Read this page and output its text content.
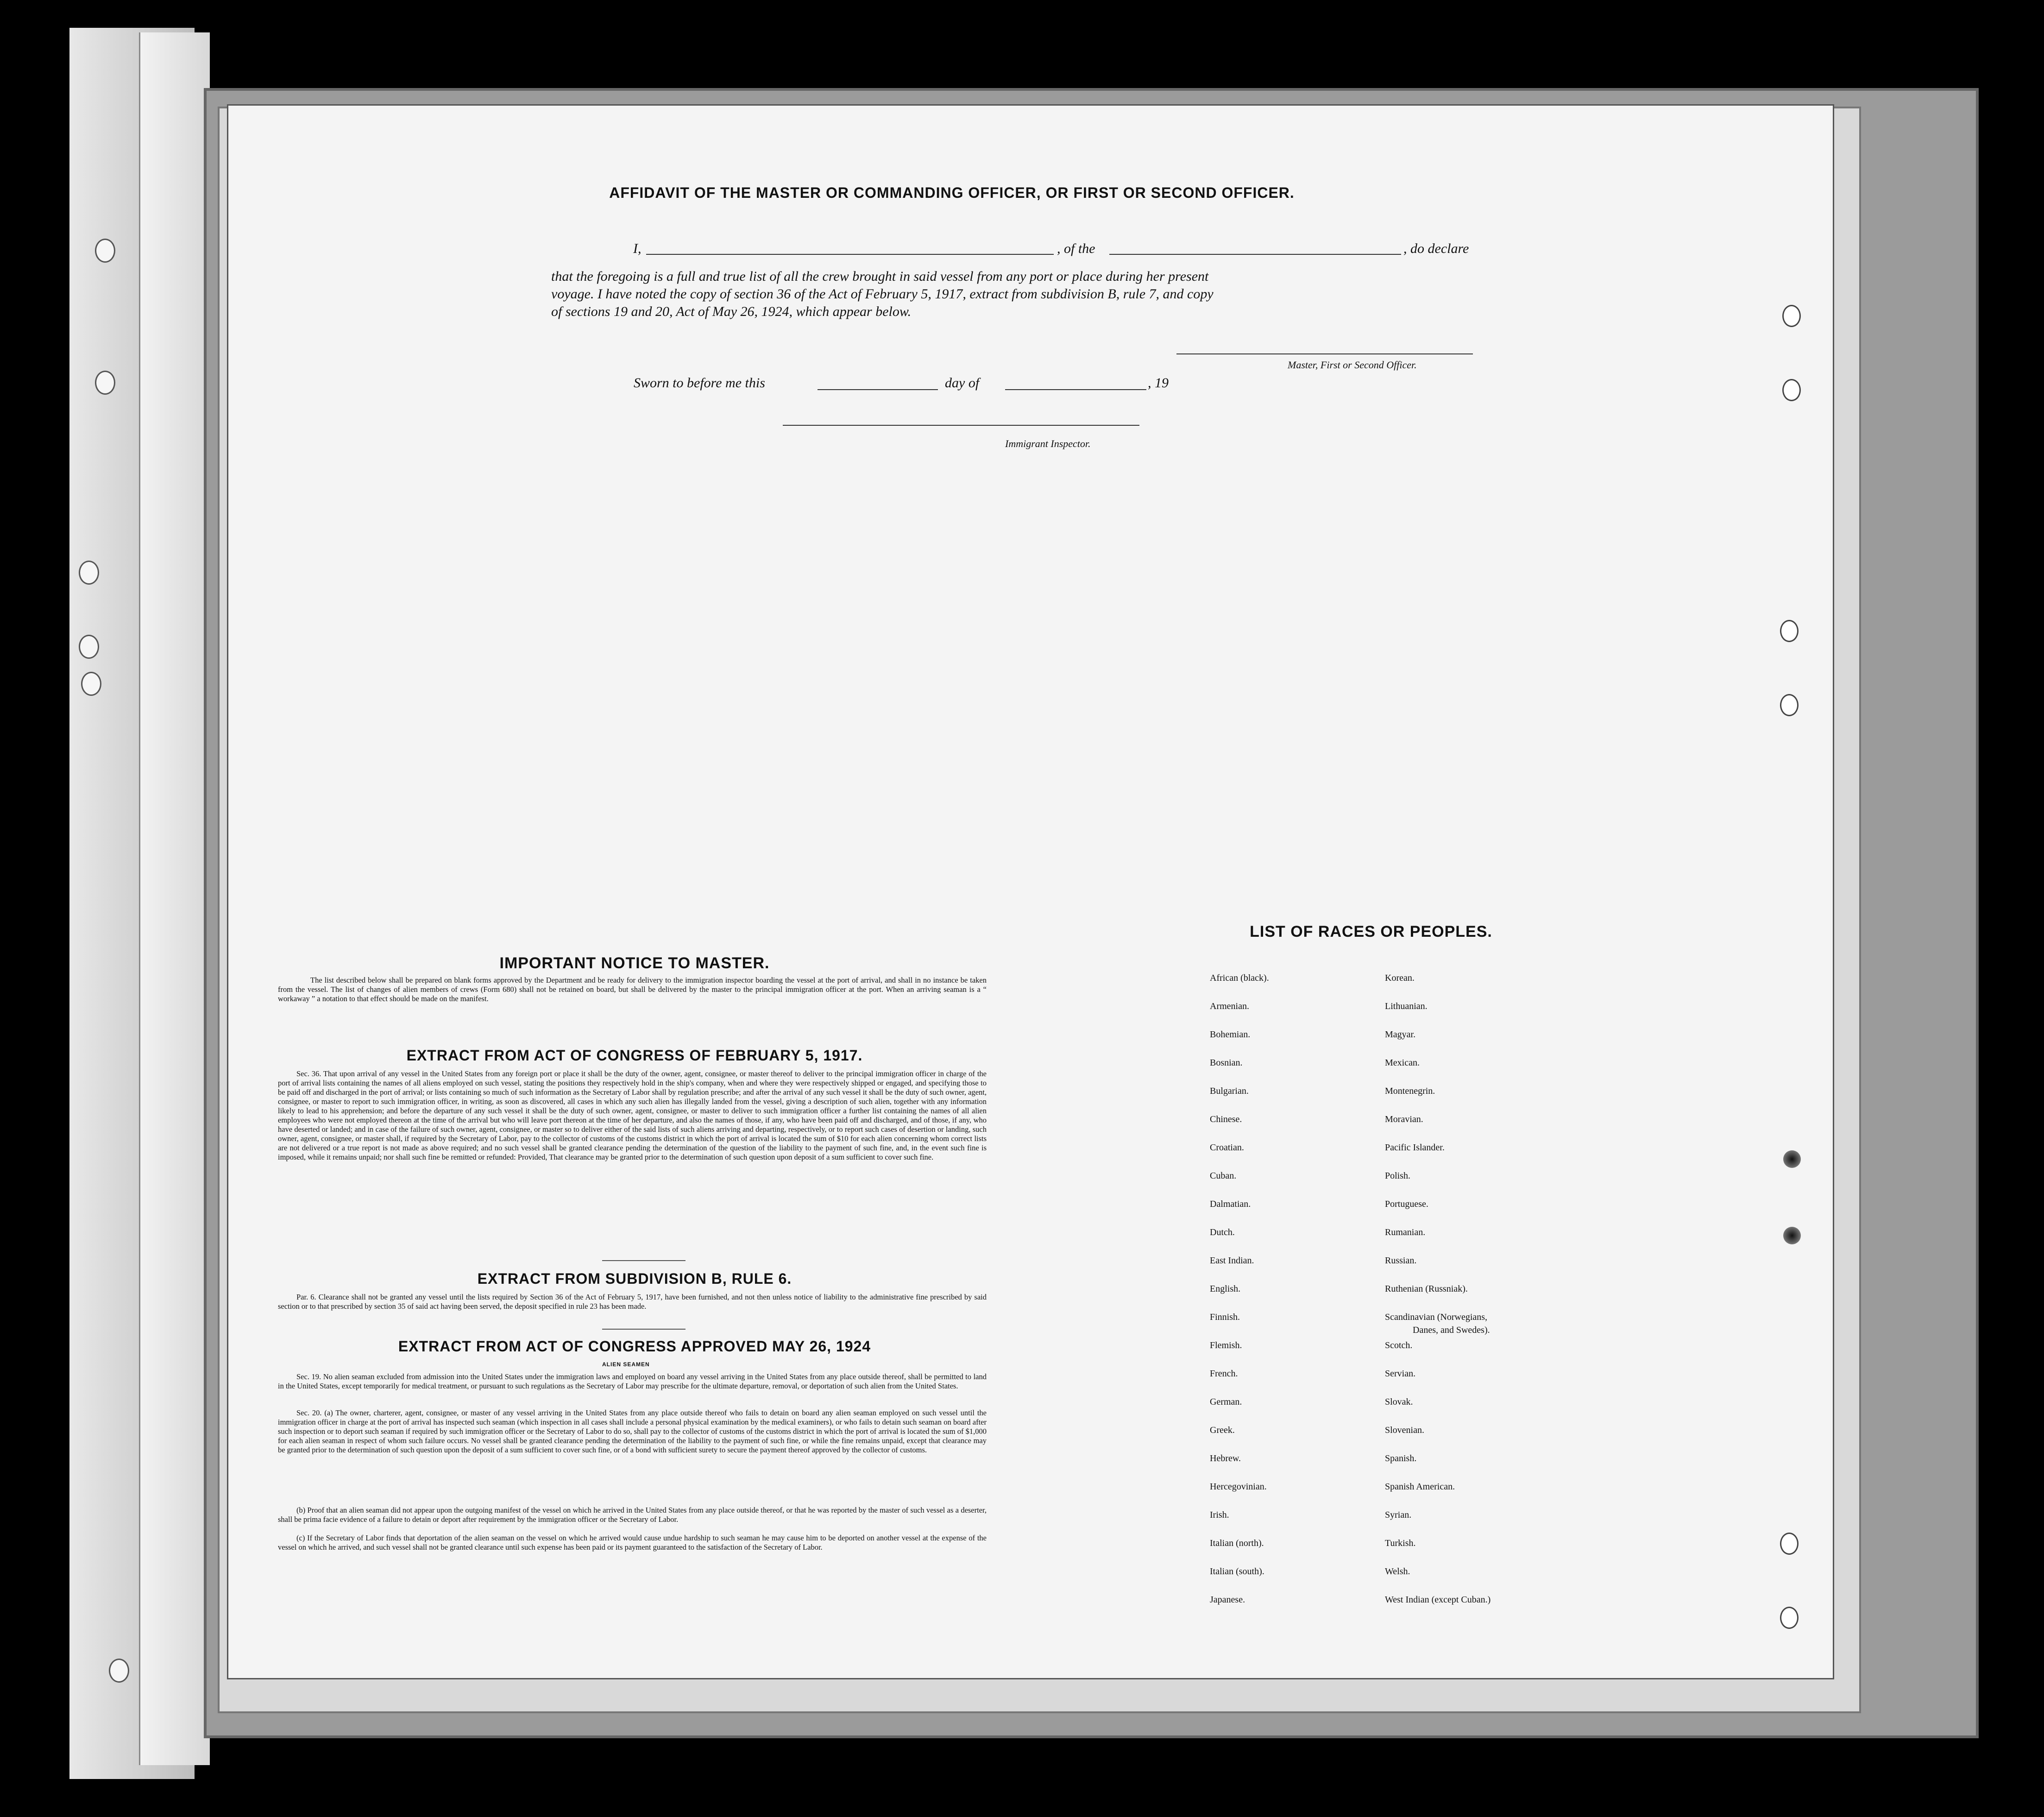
AFFIDAVIT OF THE MASTER OR COMMANDING OFFICER, OR FIRST OR SECOND OFFICER.
I,	, of the	, do declare
that the foregoing is a full and true list of all the crew brought in said vessel from any port or place during her present
voyage. I have noted the copy of section 36 of the Act of February 5, 1917, extract from subdivision B, rule 7, and copy
of sections 19 and 20, Act of May 26, 1924, which appear below.
Master, First or Second Officer.
Sworn to before me this	day of	, 19
Immigrant Inspector.
IMPORTANT NOTICE TO MASTER.
The list described below shall be prepared on blank forms approved by the Department and be ready for delivery to the immigration inspector boarding the vessel at the port of arrival, and shall in no instance be taken from the vessel. The list of changes of alien members of crews (Form 680) shall not be retained on board, but shall be delivered by the master to the principal immigration officer at the port. When an arriving seaman is a “ workaway ” a notation to that effect should be made on the manifest.
EXTRACT FROM ACT OF CONGRESS OF FEBRUARY 5, 1917.
Sec. 36. That upon arrival of any vessel in the United States from any foreign port or place it shall be the duty of the owner, agent, consignee, or master thereof to deliver to the principal immigration officer in charge of the port of arrival lists containing the names of all aliens employed on such vessel, stating the positions they respectively hold in the ship's company, when and where they were respectively shipped or engaged, and specifying those to be paid off and discharged in the port of arrival; or lists containing so much of such information as the Secretary of Labor shall by regulation prescribe; and after the arrival of any such vessel it shall be the duty of such owner, agent, consignee, or master to report to such immigration officer, in writing, as soon as discovered, all cases in which any such alien has illegally landed from the vessel, giving a description of such alien, together with any information likely to lead to his apprehension; and before the departure of any such vessel it shall be the duty of such owner, agent, consignee, or master to deliver to such immigration officer a further list containing the names of all alien employees who were not employed thereon at the time of the arrival but who will leave port thereon at the time of her departure, and also the names of those, if any, who have been paid off and discharged, and of those, if any, who have deserted or landed; and in case of the failure of such owner, agent, consignee, or master so to deliver either of the said lists of such aliens arriving and departing, respectively, or to report such cases of desertion or landing, such owner, agent, consignee, or master shall, if required by the Secretary of Labor, pay to the collector of customs of the customs district in which the port of arrival is located the sum of $10 for each alien concerning whom correct lists are not delivered or a true report is not made as above required; and no such vessel shall be granted clearance pending the determination of the question of the liability to the payment of such fine, and, in the event such fine is imposed, while it remains unpaid; nor shall such fine be remitted or refunded: Provided, That clearance may be granted prior to the determination of such question upon deposit of a sum sufficient to cover such fine.
EXTRACT FROM SUBDIVISION B, RULE 6.
Par. 6. Clearance shall not be granted any vessel until the lists required by Section 36 of the Act of February 5, 1917, have been furnished, and not then unless notice of liability to the administrative fine prescribed by said section or to that prescribed by section 35 of said act having been served, the deposit specified in rule 23 has been made.
EXTRACT FROM ACT OF CONGRESS APPROVED MAY 26, 1924
ALIEN SEAMEN
Sec. 19. No alien seaman excluded from admission into the United States under the immigration laws and employed on board any vessel arriving in the United States from any place outside thereof, shall be permitted to land in the United States, except temporarily for medical treatment, or pursuant to such regulations as the Secretary of Labor may prescribe for the ultimate departure, removal, or deportation of such alien from the United States.
Sec. 20. (a) The owner, charterer, agent, consignee, or master of any vessel arriving in the United States from any place outside thereof who fails to detain on board any alien seaman employed on such vessel until the immigration officer in charge at the port of arrival has inspected such seaman (which inspection in all cases shall include a personal physical examination by the medical examiners), or who fails to detain such seaman on board after such inspection or to deport such seaman if required by such immigration officer or the Secretary of Labor to do so, shall pay to the collector of customs of the customs district in which the port of arrival is located the sum of $1,000 for each alien seaman in respect of whom such failure occurs. No vessel shall be granted clearance pending the determination of the liability to the payment of such fine, or while the fine remains unpaid, except that clearance may be granted prior to the determination of such question upon the deposit of a sum sufficient to cover such fine, or of a bond with sufficient surety to secure the payment thereof approved by the collector of customs.
(b) Proof that an alien seaman did not appear upon the outgoing manifest of the vessel on which he arrived in the United States from any place outside thereof, or that he was reported by the master of such vessel as a deserter, shall be prima facie evidence of a failure to detain or deport after requirement by the immigration officer or the Secretary of Labor.
(c) If the Secretary of Labor finds that deportation of the alien seaman on the vessel on which he arrived would cause undue hardship to such seaman he may cause him to be deported on another vessel at the expense of the vessel on which he arrived, and such vessel shall not be granted clearance until such expense has been paid or its payment guaranteed to the satisfaction of the Secretary of Labor.
LIST OF RACES OR PEOPLES.
African (black).
Armenian.
Bohemian.
Bosnian.
Bulgarian.
Chinese.
Croatian.
Cuban.
Dalmatian.
Dutch.
East Indian.
English.
Finnish.
Flemish.
French.
German.
Greek.
Hebrew.
Hercegovinian.
Irish.
Italian (north).
Italian (south).
Japanese.
Korean.
Lithuanian.
Magyar.
Mexican.
Montenegrin.
Moravian.
Pacific Islander.
Polish.
Portuguese.
Rumanian.
Russian.
Ruthenian (Russniak).
Scandinavian (Norwegians,
Danes, and Swedes).
Scotch.
Servian.
Slovak.
Slovenian.
Spanish.
Spanish American.
Syrian.
Turkish.
Welsh.
West Indian (except Cuban.)
